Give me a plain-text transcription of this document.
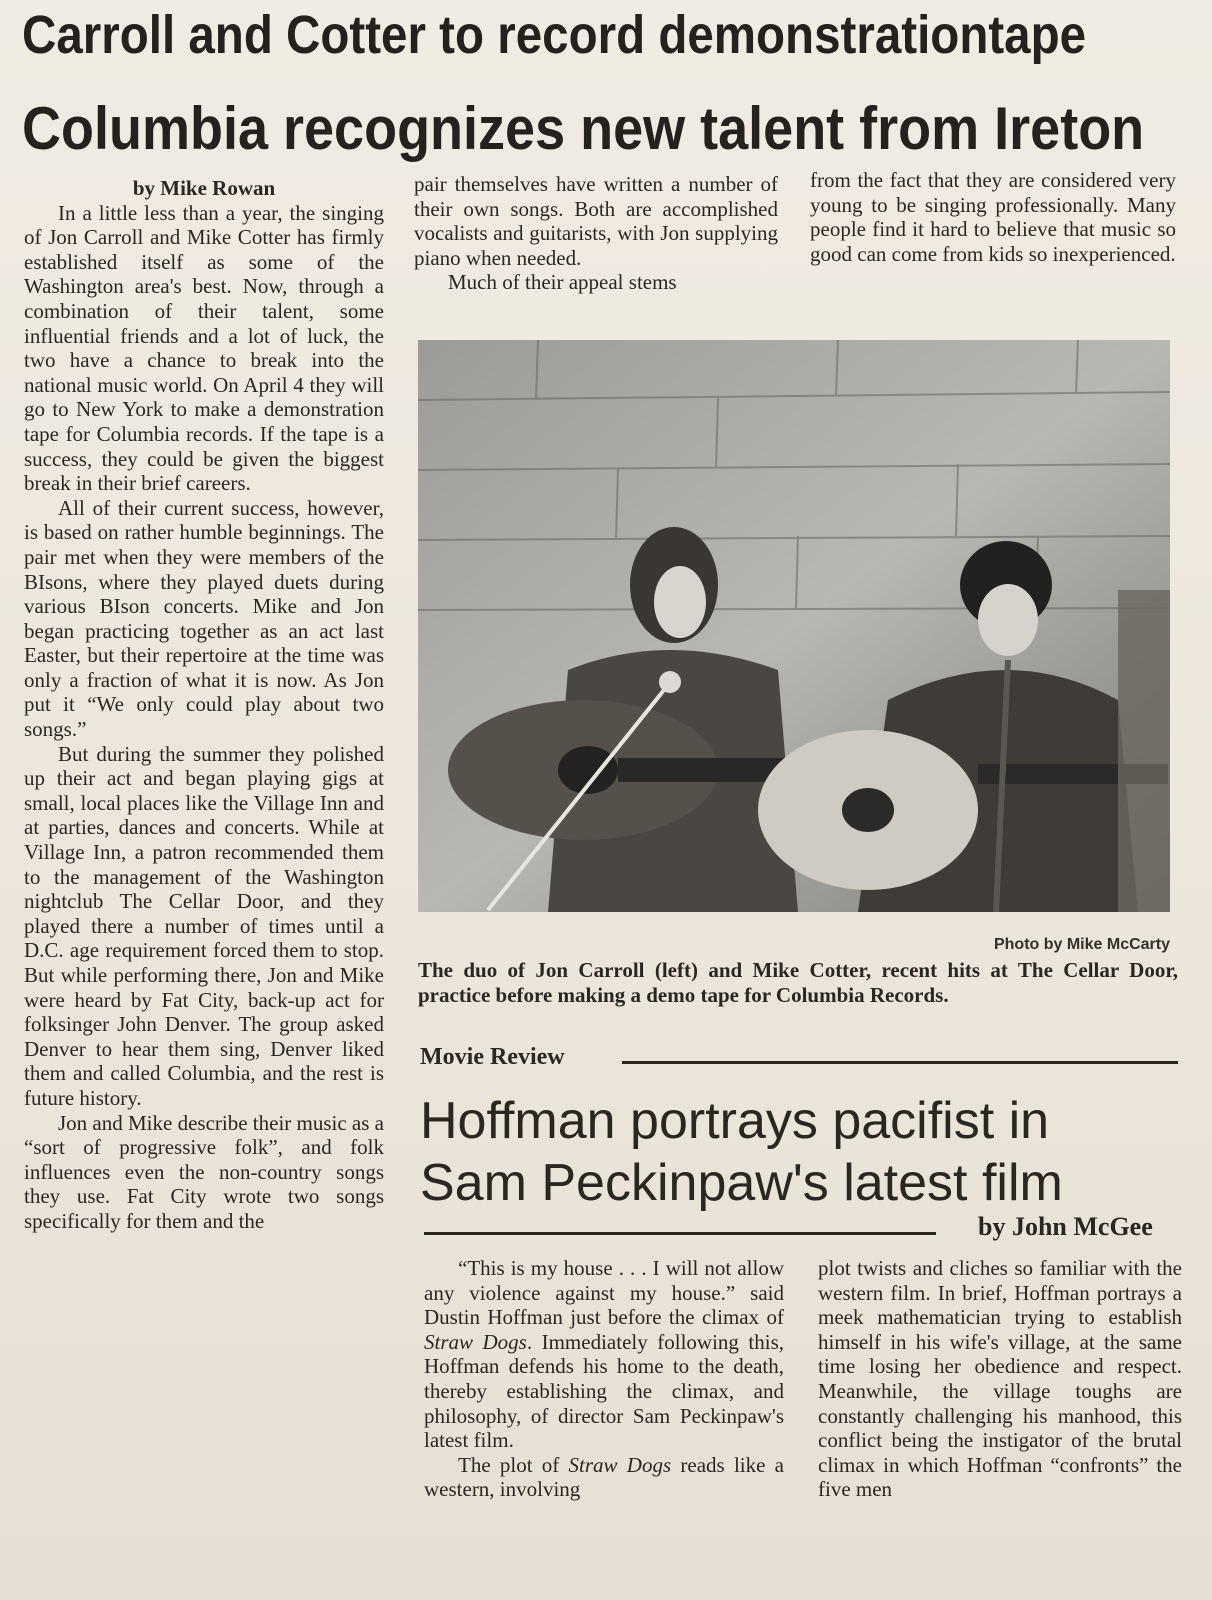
Carroll and Cotter to record demonstrationtape
Columbia recognizes new talent from Ireton
by Mike Rowan

In a little less than a year, the singing of Jon Carroll and Mike Cotter has firmly established itself as some of the Washington area's best. Now, through a combination of their talent, some influential friends and a lot of luck, the two have a chance to break into the national music world. On April 4 they will go to New York to make a demonstration tape for Columbia records. If the tape is a success, they could be given the biggest break in their brief careers.

All of their current success, however, is based on rather humble beginnings. The pair met when they were members of the BIsons, where they played duets during various BIson concerts. Mike and Jon began practicing together as an act last Easter, but their repertoire at the time was only a fraction of what it is now. As Jon put it “We only could play about two songs.”

But during the summer they polished up their act and began playing gigs at small, local places like the Village Inn and at parties, dances and concerts. While at Village Inn, a patron recommended them to the management of the Washington nightclub The Cellar Door, and they played there a number of times until a D.C. age requirement forced them to stop. But while performing there, Jon and Mike were heard by Fat City, back-up act for folksinger John Denver. The group asked Denver to hear them sing, Denver liked them and called Columbia, and the rest is future history.

Jon and Mike describe their music as a “sort of progressive folk”, and folk influences even the non-country songs they use. Fat City wrote two songs specifically for them and the

pair themselves have written a number of their own songs. Both are accomplished vocalists and guitarists, with Jon supplying piano when needed.

Much of their appeal stems

from the fact that they are considered very young to be singing professionally. Many people find it hard to believe that music so good can come from kids so inexperienced.

Photo by Mike McCarty
The duo of Jon Carroll (left) and Mike Cotter, recent hits at The Cellar Door, practice before making a demo tape for Columbia Records.
Movie Review
Hoffman portrays pacifist in
Sam Peckinpaw's latest film
by John McGee

“This is my house . . . I will not allow any violence against my house.” said Dustin Hoffman just before the climax of Straw Dogs. Immediately following this, Hoffman defends his home to the death, thereby establishing the climax, and philosophy, of director Sam Peckinpaw's latest film.

The plot of Straw Dogs reads like a western, involving

plot twists and cliches so familiar with the western film. In brief, Hoffman portrays a meek mathematician trying to establish himself in his wife's village, at the same time losing her obedience and respect. Meanwhile, the village toughs are constantly challenging his manhood, this conflict being the instigator of the brutal climax in which Hoffman “confronts” the five men
